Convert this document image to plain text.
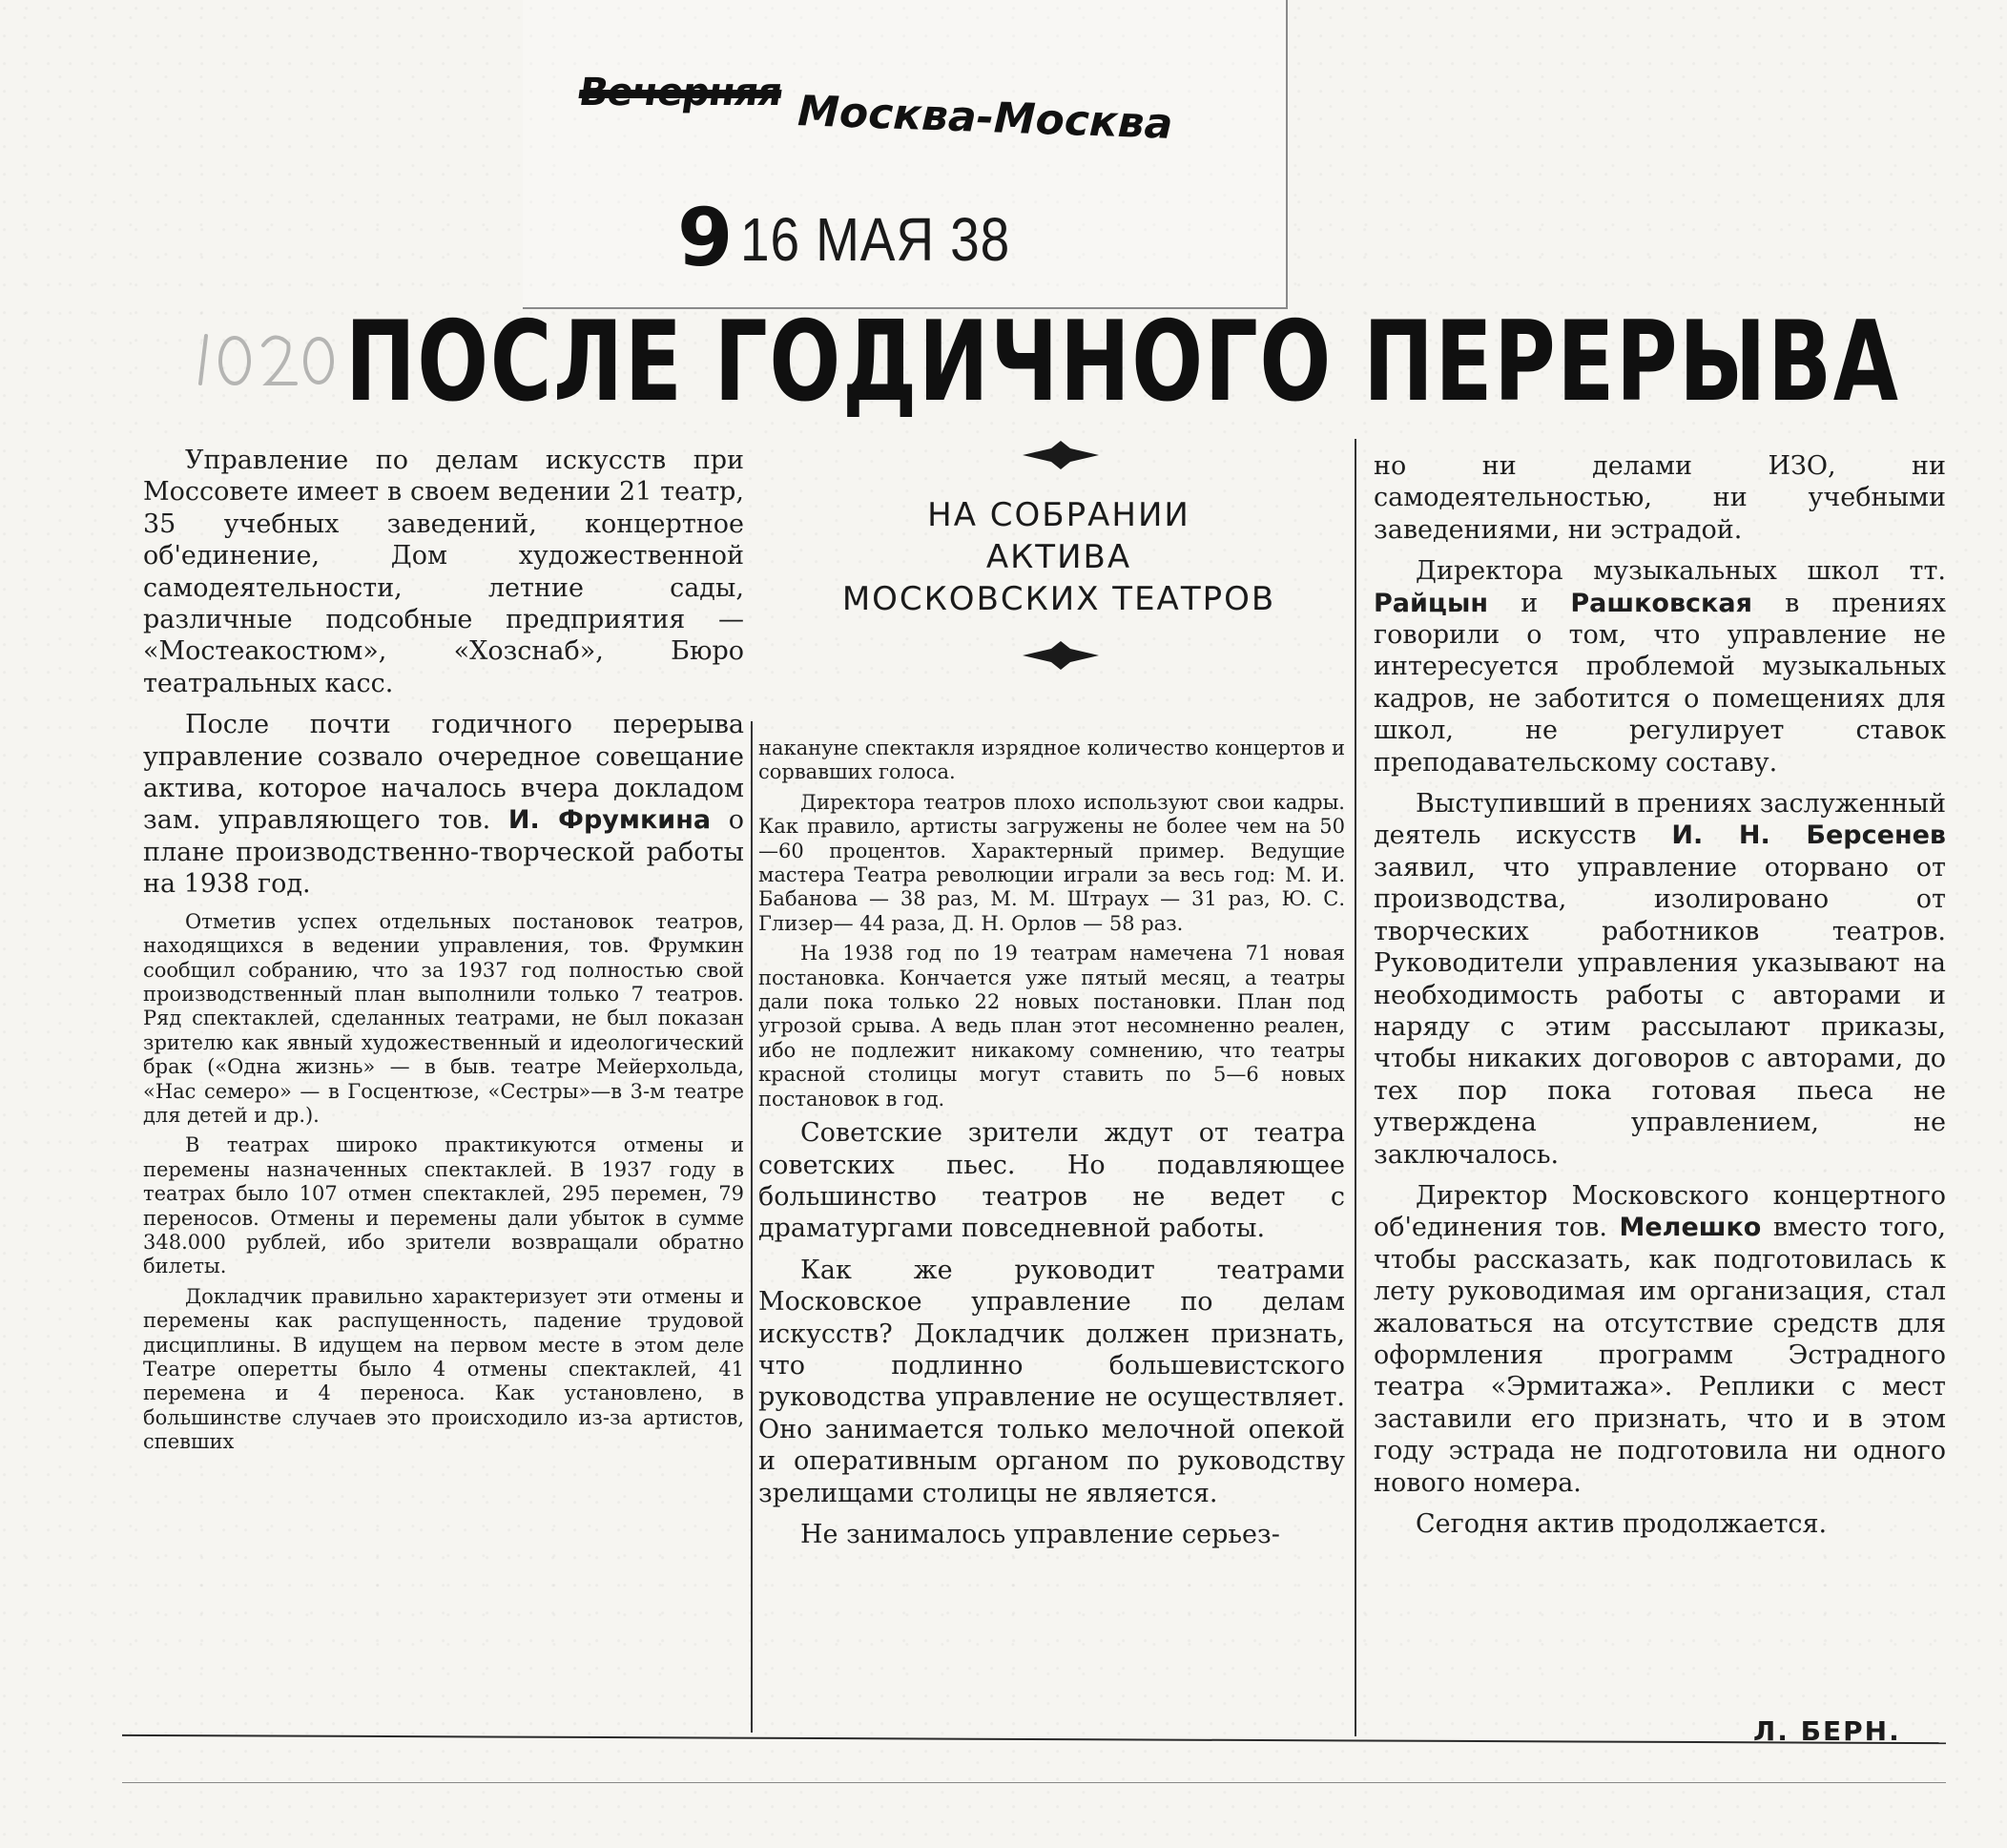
Вечерняя Москва-Москва
9 16 МАЯ 38
ПОСЛЕ ГОДИЧНОГО ПЕРЕРЫВА

Управление по делам искусств при Моссовете имеет в своем ведении 21 театр, 35 учебных заведений, концертное об'единение, Дом художественной самодеятельности, летние сады, различные подсобные предприятия — «Мостеакостюм», «Хозснаб», Бюро театральных касс.

После почти годичного перерыва управление созвало очередное совещание актива, которое началось вчера докладом зам. управляющего тов. И. Фрумкина о плане производственно-творческой работы на 1938 год.

Отметив успех отдельных постановок театров, находящихся в ведении управления, тов. Фрумкин сообщил собранию, что за 1937 год полностью свой производственный план выполнили только 7 театров. Ряд спектаклей, сделанных театрами, не был показан зрителю как явный художественный и идеологический брак («Одна жизнь» — в быв. театре Мейерхольда, «Нас семеро» — в Госцентюзе, «Сестры»—в 3-м театре для детей и др.).

В театрах широко практикуются отмены и перемены назначенных спектаклей. В 1937 году в театрах было 107 отмен спектаклей, 295 перемен, 79 переносов. Отмены и перемены дали убыток в сумме 348.000 рублей, ибо зрители возвращали обратно билеты.

Докладчик правильно характеризует эти отмены и перемены как распущенность, падение трудовой дисциплины. В идущем на первом месте в этом деле Театре оперетты было 4 отмены спектаклей, 41 перемена и 4 переноса. Как установлено, в большинстве случаев это происходило из-за артистов, спевших

НА СОБРАНИИ
АКТИВА
МОСКОВСКИХ ТЕАТРОВ

накануне спектакля изрядное количество концертов и сорвавших голоса.

Директора театров плохо используют свои кадры. Как правило, артисты загружены не более чем на 50—60 процентов. Характерный пример. Ведущие мастера Театра революции играли за весь год: М. И. Бабанова — 38 раз, М. М. Штраух — 31 раз, Ю. С. Глизер— 44 раза, Д. Н. Орлов — 58 раз.

На 1938 год по 19 театрам намечена 71 новая постановка. Кончается уже пятый месяц, а театры дали пока только 22 новых постановки. План под угрозой срыва. А ведь план этот несомненно реален, ибо не подлежит никакому сомнению, что театры красной столицы могут ставить по 5—6 новых постановок в год.

Советские зрители ждут от театра советских пьес. Но подавляющее большинство театров не ведет с драматургами повседневной работы.

Как же руководит театрами Московское управление по делам искусств? Докладчик должен признать, что подлинно большевистского руководства управление не осуществляет. Оно занимается только мелочной опекой и оперативным органом по руководству зрелищами столицы не является.

Не занималось управление серьез-

но ни делами ИЗО, ни самодеятельностью, ни учебными заведениями, ни эстрадой.

Директора музыкальных школ тт. Райцын и Рашковская в прениях говорили о том, что управление не интересуется проблемой музыкальных кадров, не заботится о помещениях для школ, не регулирует ставок преподавательскому составу.

Выступивший в прениях заслуженный деятель искусств И. Н. Берсенев заявил, что управление оторвано от производства, изолировано от творческих работников театров. Руководители управления указывают на необходимость работы с авторами и наряду с этим рассылают приказы, чтобы никаких договоров с авторами, до тех пор пока готовая пьеса не утверждена управлением, не заключалось.

Директор Московского концертного об'единения тов. Мелешко вместо того, чтобы рассказать, как подготовилась к лету руководимая им организация, стал жаловаться на отсутствие средств для оформления программ Эстрадного театра «Эрмитажа». Реплики с мест заставили его признать, что и в этом году эстрада не подготовила ни одного нового номера.

Сегодня актив продолжается.

Л. БЕРН.
